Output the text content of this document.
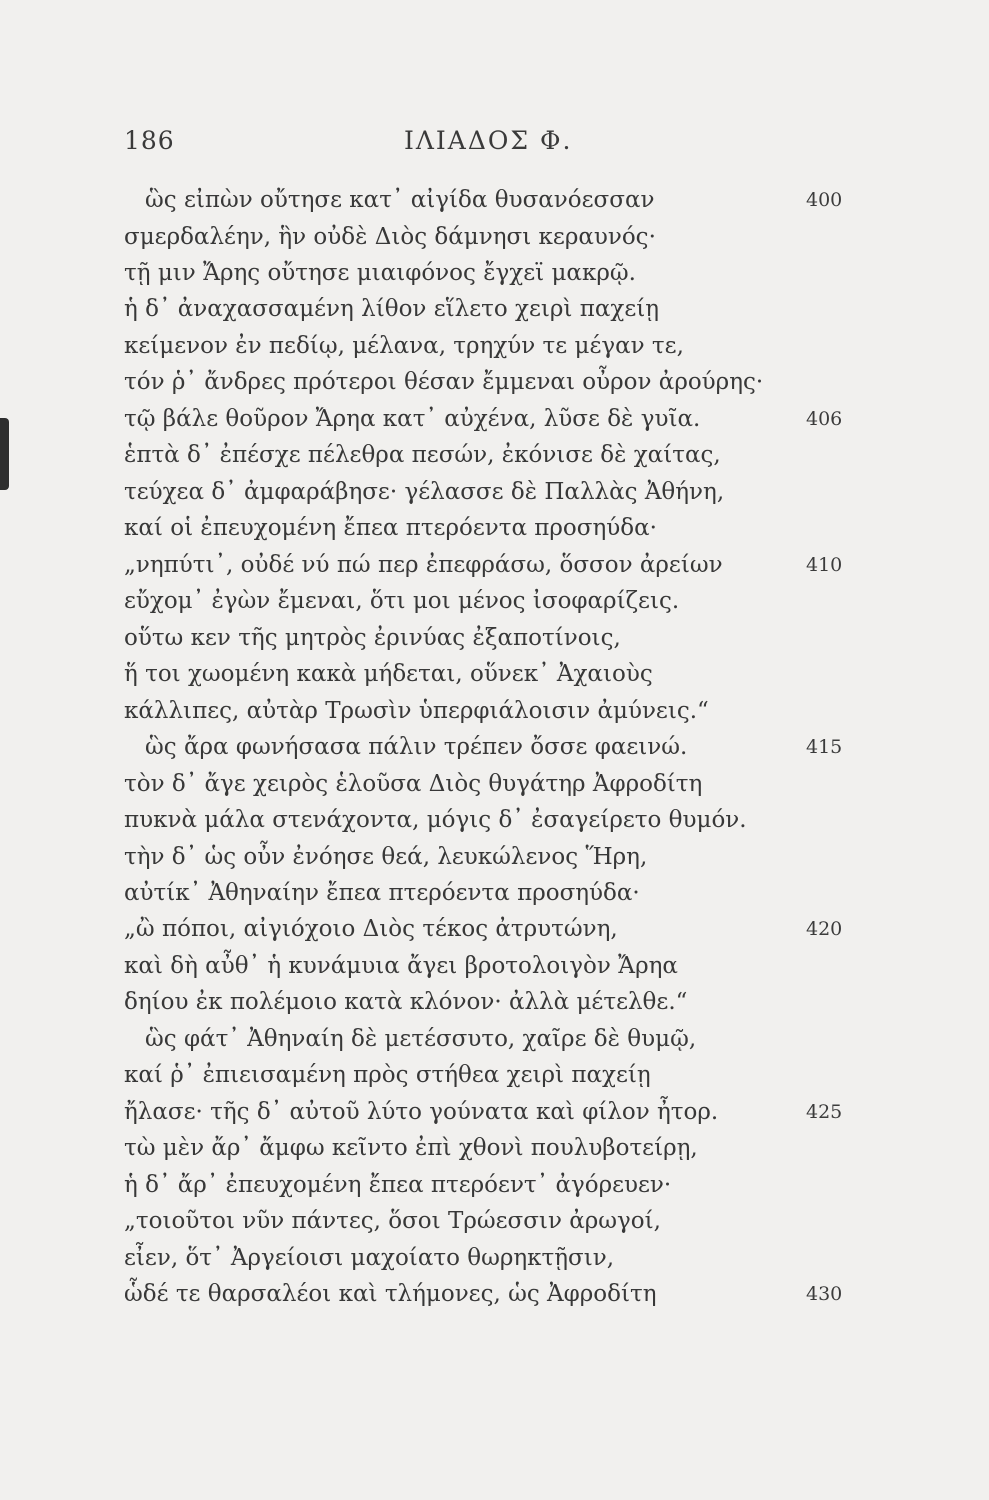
186	ΙΛΙΑΔΟΣ Φ.
ὣς εἰπὼν οὔτησε κατ᾽ αἰγίδα θυσανόεσσαν	400
σμερδαλέην, ἣν οὐδὲ Διὸς δάμνησι κεραυνός·
τῇ μιν Ἄρης οὔτησε μιαιφόνος ἔγχεϊ μακρῷ.
ἡ δ᾽ ἀναχασσαμένη λίθον εἵλετο χειρὶ παχείῃ
κείμενον ἐν πεδίῳ, μέλανα, τρηχύν τε μέγαν τε,
τόν ῥ᾽ ἄνδρες πρότεροι θέσαν ἔμμεναι οὖρον ἀρούρης·
τῷ βάλε θοῦρον Ἄρηα κατ᾽ αὐχένα, λῦσε δὲ γυῖα.	406
ἑπτὰ δ᾽ ἐπέσχε πέλεθρα πεσών, ἐκόνισε δὲ χαίτας,
τεύχεα δ᾽ ἀμφαράβησε· γέλασσε δὲ Παλλὰς Ἀθήνη,
καί οἱ ἐπευχομένη ἔπεα πτερόεντα προσηύδα·
„νηπύτι᾽, οὐδέ νύ πώ περ ἐπεφράσω, ὅσσον ἀρείων	410
εὔχομ᾽ ἐγὼν ἔμεναι, ὅτι μοι μένος ἰσοφαρίζεις.
οὕτω κεν τῆς μητρὸς ἐρινύας ἐξαποτίνοις,
ἥ τοι χωομένη κακὰ μήδεται, οὕνεκ᾽ Ἀχαιοὺς
κάλλιπες, αὐτὰρ Τρωσὶν ὑπερφιάλοισιν ἀμύνεις.“
ὣς ἄρα φωνήσασα πάλιν τρέπεν ὄσσε φαεινώ.	415
τὸν δ᾽ ἄγε χειρὸς ἑλοῦσα Διὸς θυγάτηρ Ἀφροδίτη
πυκνὰ μάλα στενάχοντα, μόγις δ᾽ ἐσαγείρετο θυμόν.
τὴν δ᾽ ὡς οὖν ἐνόησε θεά, λευκώλενος Ἥρη,
αὐτίκ᾽ Ἀθηναίην ἔπεα πτερόεντα προσηύδα·
„ὢ πόποι, αἰγιόχοιο Διὸς τέκος ἀτρυτώνη,	420
καὶ δὴ αὖθ᾽ ἡ κυνάμυια ἄγει βροτολοιγὸν Ἄρηα
δηίου ἐκ πολέμοιο κατὰ κλόνον· ἀλλὰ μέτελθε.“
ὣς φάτ᾽ Ἀθηναίη δὲ μετέσσυτο, χαῖρε δὲ θυμῷ,
καί ῥ᾽ ἐπιεισαμένη πρὸς στήθεα χειρὶ παχείῃ
ἤλασε· τῆς δ᾽ αὐτοῦ λύτο γούνατα καὶ φίλον ἦτορ.	425
τὼ μὲν ἄρ᾽ ἄμφω κεῖντο ἐπὶ χθονὶ πουλυβοτείρῃ,
ἡ δ᾽ ἄρ᾽ ἐπευχομένη ἔπεα πτερόεντ᾽ ἀγόρευεν·
„τοιοῦτοι νῦν πάντες, ὅσοι Τρώεσσιν ἀρωγοί,
εἶεν, ὅτ᾽ Ἀργείοισι μαχοίατο θωρηκτῇσιν,
ὧδέ τε θαρσαλέοι καὶ τλήμονες, ὡς Ἀφροδίτη	430
